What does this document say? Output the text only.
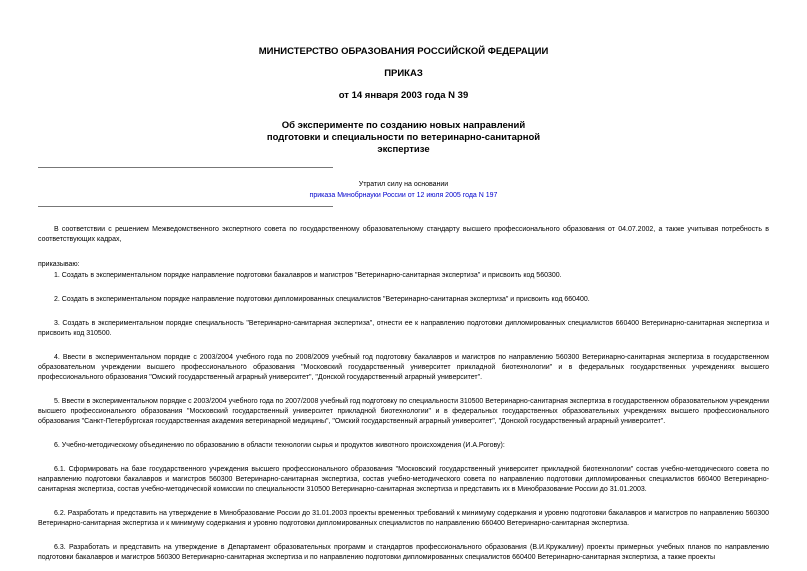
МИНИСТЕРСТВО ОБРАЗОВАНИЯ РОССИЙСКОЙ ФЕДЕРАЦИИ
ПРИКАЗ
от 14 января 2003 года N 39
Об эксперименте по созданию новых направлений
подготовки и специальности по ветеринарно-санитарной
экспертизе
Утратил силу на основании
приказа Минобрнауки России от 12 июля 2005 года N 197

В соответствии с решением Межведомственного экспертного совета по государственному образовательному стандарту высшего профессионального образования от 04.07.2002, а также учитывая потребность в соответствующих кадрах,

приказываю:

1. Создать в экспериментальном порядке направление подготовки бакалавров и магистров "Ветеринарно-санитарная экспертиза" и присвоить код 560300.

2. Создать в экспериментальном порядке направление подготовки дипломированных специалистов "Ветеринарно-санитарная экспертиза" и присвоить код 660400.

3. Создать в экспериментальном порядке специальность "Ветеринарно-санитарная экспертиза", отнести ее к направлению подготовки дипломированных специалистов 660400 Ветеринарно-санитарная экспертиза и присвоить код 310500.

4. Ввести в экспериментальном порядке с 2003/2004 учебного года по 2008/2009 учебный год подготовку бакалавров и магистров по направлению 560300 Ветеринарно-санитарная экспертиза в государственном образовательном учреждении высшего профессионального образования "Московский государственный университет прикладной биотехнологии" и в федеральных государственных учреждениях высшего профессионального образования "Омский государственный аграрный университет", "Донской государственный аграрный университет".

5. Ввести в экспериментальном порядке с 2003/2004 учебного года по 2007/2008 учебный год подготовку по специальности 310500 Ветеринарно-санитарная экспертиза в государственном образовательном учреждении высшего профессионального образования "Московский государственный университет прикладной биотехнологии" и в федеральных государственных образовательных учреждениях высшего профессионального образования "Санкт-Петербургская государственная академия ветеринарной медицины", "Омский государственный аграрный университет", "Донской государственный аграрный университет".

6. Учебно-методическому объединению по образованию в области технологии сырья и продуктов животного происхождения (И.А.Рогову):

6.1. Сформировать на базе государственного учреждения высшего профессионального образования "Московский государственный университет прикладной биотехнологии" состав учебно-методического совета по направлению подготовки бакалавров и магистров 560300 Ветеринарно-санитарная экспертиза, состав учебно-методического совета по направлению подготовки дипломированных специалистов 660400 Ветеринарно-санитарная экспертиза, состав учебно-методической комиссии по специальности 310500 Ветеринарно-санитарная экспертиза и представить их в Минобразование России до 31.01.2003.

6.2. Разработать и представить на утверждение в Минобразование России до 31.01.2003 проекты временных требований к минимуму содержания и уровню подготовки бакалавров и магистров по направлению 560300 Ветеринарно-санитарная экспертиза и к минимуму содержания и уровню подготовки дипломированных специалистов по направлению 660400 Ветеринарно-санитарная экспертиза.

6.3. Разработать и представить на утверждение в Департамент образовательных программ и стандартов профессионального образования (В.И.Кружалину) проекты примерных учебных планов по направлению подготовки бакалавров и магистров 560300 Ветеринарно-санитарная экспертиза и по направлению подготовки дипломированных специалистов 660400 Ветеринарно-санитарная экспертиза, а также проекты
